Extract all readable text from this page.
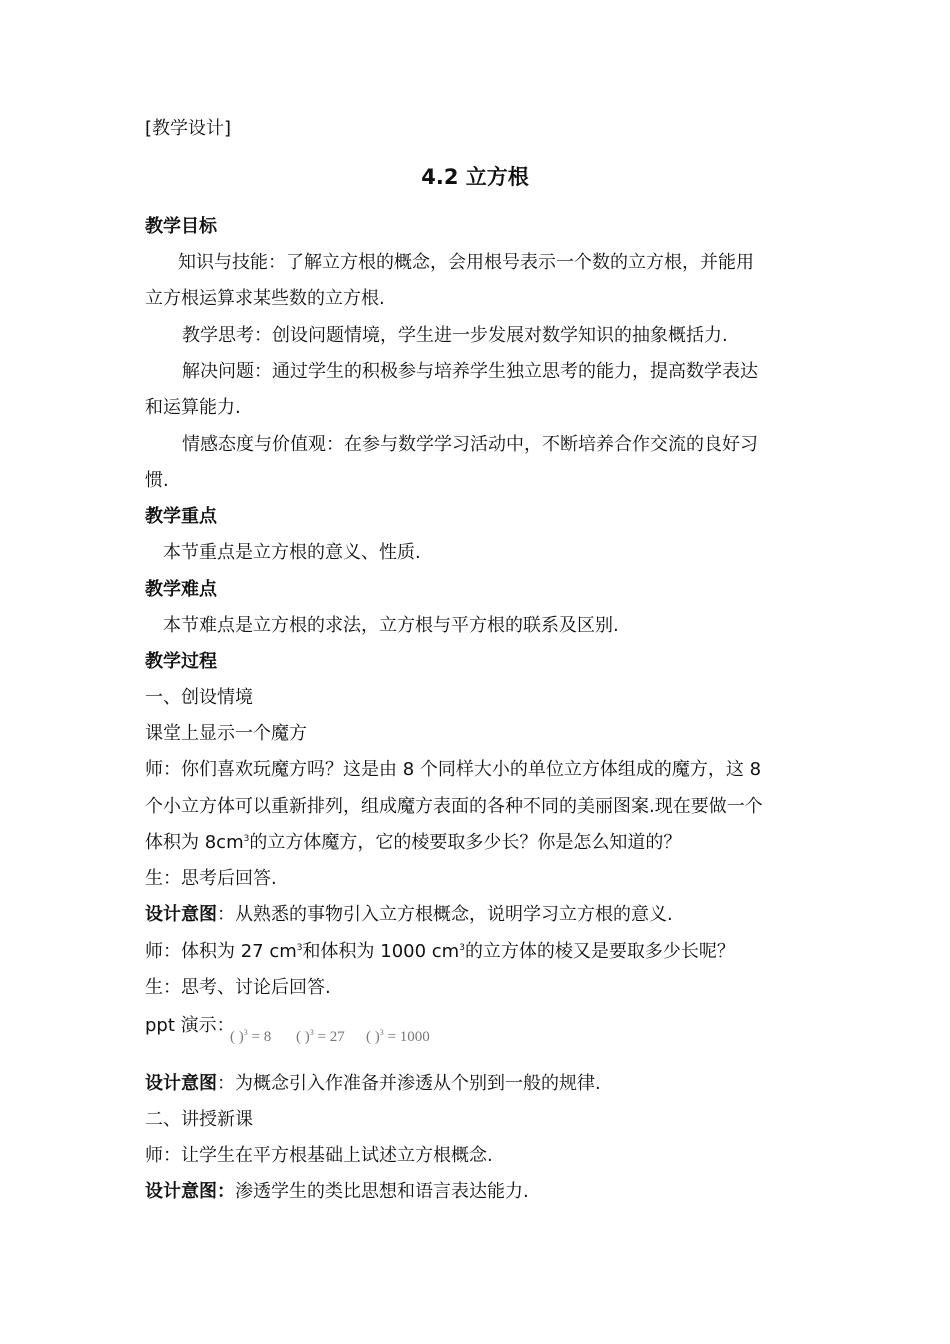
[教学设计]
4.2 立方根
教学目标
知识与技能：了解立方根的概念，会用根号表示一个数的立方根，并能用
立方根运算求某些数的立方根.
教学思考：创设问题情境，学生进一步发展对数学知识的抽象概括力.
解决问题：通过学生的积极参与培养学生独立思考的能力，提高数学表达
和运算能力.
情感态度与价值观：在参与数学学习活动中，不断培养合作交流的良好习
惯.
教学重点
本节重点是立方根的意义、性质.
教学难点
本节难点是立方根的求法，立方根与平方根的联系及区别.
教学过程
一、创设情境
课堂上显示一个魔方
师：你们喜欢玩魔方吗？这是由 8 个同样大小的单位立方体组成的魔方，这 8
个小立方体可以重新排列，组成魔方表面的各种不同的美丽图案.现在要做一个
体积为 $8cm^3$的立方体魔方，它的棱要取多少长？你是怎么知道的？
生：思考后回答.
设计意图：从熟悉的事物引入立方根概念，说明学习立方根的意义.
师：体积为 27 $cm^3$和体积为 1000 $cm^3$的立方体的棱又是要取多少长呢？
生：思考、讨论后回答.
ppt 演示：
( )$^3$ = 8 ( )$^3$ = 27 ( )$^3$ = 1000
设计意图：为概念引入作准备并渗透从个别到一般的规律.
二、讲授新课
师：让学生在平方根基础上试述立方根概念.
设计意图：渗透学生的类比思想和语言表达能力.
